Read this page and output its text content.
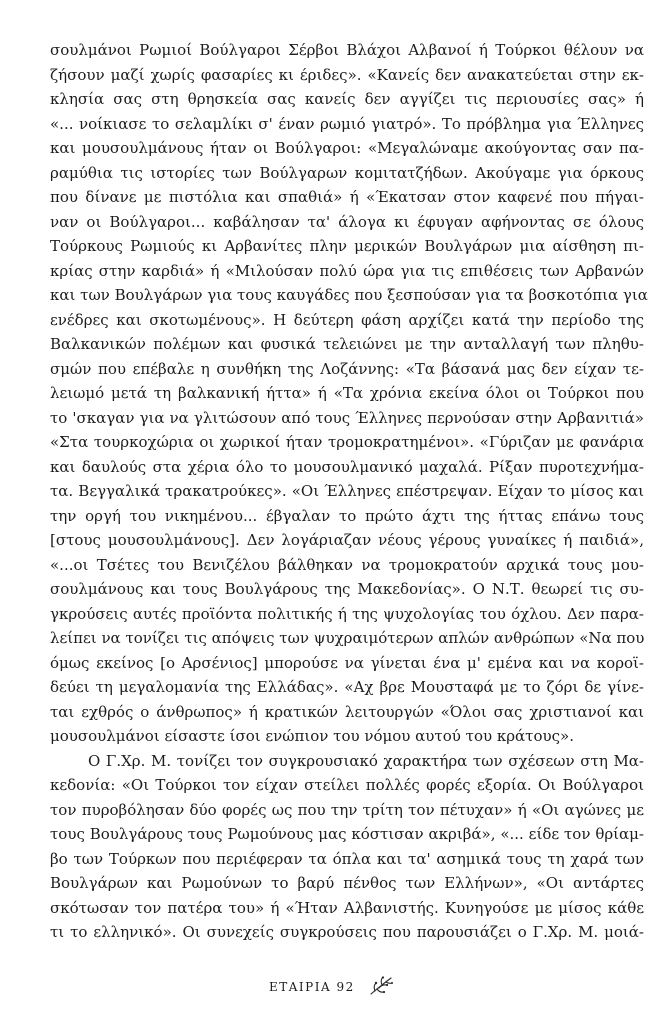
σουλμάνοι Ρωμιοί Βούλγαροι Σέρβοι Βλάχοι Αλβανοί ή Τούρκοι θέλουν να
ζήσουν μαζί χωρίς φασαρίες κι έριδες». «Κανείς δεν ανακατεύεται στην εκ-
κλησία σας στη θρησκεία σας κανείς δεν αγγίζει τις περιουσίες σας» ή
«... νοίκιασε το σελαμλίκι σ' έναν ρωμιό γιατρό». Το πρόβλημα για Έλληνες
και μουσουλμάνους ήταν οι Βούλγαροι: «Μεγαλώναμε ακούγοντας σαν πα-
ραμύθια τις ιστορίες των Βούλγαρων κομιτατζήδων. Ακούγαμε για όρκους
που δίνανε με πιστόλια και σπαθιά» ή «Έκατσαν στον καφενέ που πήγαι-
ναν οι Βούλγαροι... καβάλησαν τα' άλογα κι έφυγαν αφήνοντας σε όλους
Τούρκους Ρωμιούς κι Αρβανίτες πλην μερικών Βουλγάρων μια αίσθηση πι-
κρίας στην καρδιά» ή «Μιλούσαν πολύ ώρα για τις επιθέσεις των Αρβανών
και των Βουλγάρων για τους καυγάδες που ξεσπούσαν για τα βοσκοτόπια για
ενέδρες και σκοτωμένους». Η δεύτερη φάση αρχίζει κατά την περίοδο της
Βαλκανικών πολέμων και φυσικά τελειώνει με την ανταλλαγή των πληθυ-
σμών που επέβαλε η συνθήκη της Λοζάννης: «Τα βάσανά μας δεν είχαν τε-
λειωμό μετά τη βαλκανική ήττα» ή «Τα χρόνια εκείνα όλοι οι Τούρκοι που
το 'σκαγαν για να γλιτώσουν από τους Έλληνες περνούσαν στην Αρβανιτιά»
«Στα τουρκοχώρια οι χωρικοί ήταν τρομοκρατημένοι». «Γύριζαν με φανάρια
και δαυλούς στα χέρια όλο το μουσουλμανικό μαχαλά. Ρίξαν πυροτεχνήμα-
τα. Βεγγαλικά τρακατρούκες». «Οι Έλληνες επέστρεψαν. Είχαν το μίσος και
την οργή του νικημένου... έβγαλαν το πρώτο άχτι της ήττας επάνω τους
[στους μουσουλμάνους]. Δεν λογάριαζαν νέους γέρους γυναίκες ή παιδιά»,
«...οι Τσέτες του Βενιζέλου βάλθηκαν να τρομοκρατούν αρχικά τους μου-
σουλμάνους και τους Βουλγάρους της Μακεδονίας». Ο Ν.Τ. θεωρεί τις συ-
γκρούσεις αυτές προϊόντα πολιτικής ή της ψυχολογίας του όχλου. Δεν παρα-
λείπει να τονίζει τις απόψεις των ψυχραιμότερων απλών ανθρώπων «Να που
όμως εκείνος [ο Αρσένιος] μπορούσε να γίνεται ένα μ' εμένα και να κοροϊ-
δεύει τη μεγαλομανία της Ελλάδας». «Αχ βρε Μουσταφά με το ζόρι δε γίνε-
ται εχθρός ο άνθρωπος» ή κρατικών λειτουργών «Όλοι σας χριστιανοί και
μουσουλμάνοι είσαστε ίσοι ενώπιον του νόμου αυτού του κράτους».
Ο Γ.Χρ. Μ. τονίζει τον συγκρουσιακό χαρακτήρα των σχέσεων στη Μα-
κεδονία: «Οι Τούρκοι τον είχαν στείλει πολλές φορές εξορία. Οι Βούλγαροι
τον πυροβόλησαν δύο φορές ως που την τρίτη τον πέτυχαν» ή «Οι αγώνες με
τους Βουλγάρους τους Ρωμούνους μας κόστισαν ακριβά», «... είδε τον θρίαμ-
βο των Τούρκων που περιέφεραν τα όπλα και τα' ασημικά τους τη χαρά των
Βουλγάρων και Ρωμούνων το βαρύ πένθος των Ελλήνων», «Οι αντάρτες
σκότωσαν τον πατέρα του» ή «Ήταν Αλβανιστής. Κυνηγούσε με μίσος κάθε
τι το ελληνικό». Οι συνεχείς συγκρούσεις που παρουσιάζει ο Γ.Χρ. Μ. μοιά-
ΕΤΑΙΡΙΑ 92
